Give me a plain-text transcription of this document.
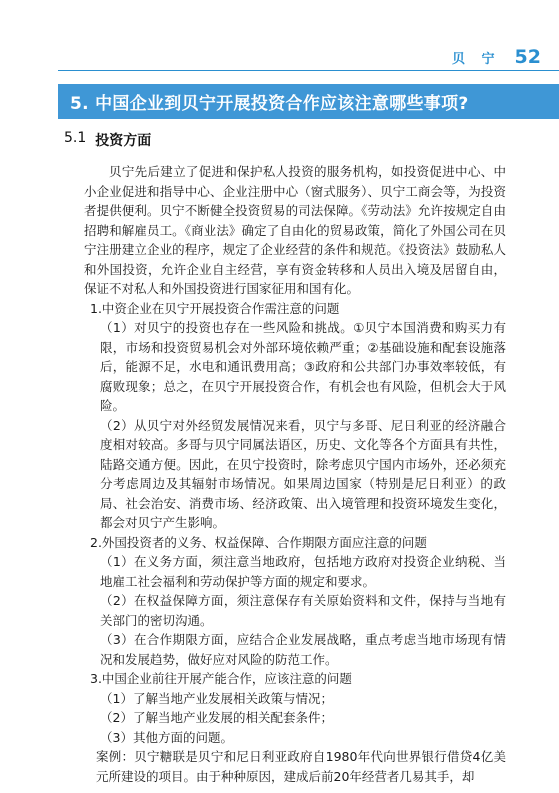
贝 宁 52
5. 中国企业到贝宁开展投资合作应该注意哪些事项?
5.1 投资方面

贝宁先后建立了促进和保护私人投资的服务机构，如投资促进中心、中小企业促进和指导中心、企业注册中心（窗式服务）、贝宁工商会等，为投资者提供便利。贝宁不断健全投资贸易的司法保障。《劳动法》允许按规定自由招聘和解雇员工。《商业法》确定了自由化的贸易政策，简化了外国公司在贝宁注册建立企业的程序，规定了企业经营的条件和规范。《投资法》鼓励私人和外国投资，允许企业自主经营，享有资金转移和人员出入境及居留自由，保证不对私人和外国投资进行国家征用和国有化。

1.中资企业在贝宁开展投资合作需注意的问题

（1）对贝宁的投资也存在一些风险和挑战。①贝宁本国消费和购买力有限，市场和投资贸易机会对外部环境依赖严重；②基础设施和配套设施落后，能源不足，水电和通讯费用高；③政府和公共部门办事效率较低，有腐败现象；总之，在贝宁开展投资合作，有机会也有风险，但机会大于风险。

（2）从贝宁对外经贸发展情况来看，贝宁与多哥、尼日利亚的经济融合度相对较高。多哥与贝宁同属法语区，历史、文化等各个方面具有共性，陆路交通方便。因此，在贝宁投资时，除考虑贝宁国内市场外，还必须充分考虑周边及其辐射市场情况。如果周边国家（特别是尼日利亚）的政局、社会治安、消费市场、经济政策、出入境管理和投资环境发生变化，都会对贝宁产生影响。

2.外国投资者的义务、权益保障、合作期限方面应注意的问题

（1）在义务方面，须注意当地政府，包括地方政府对投资企业纳税、当地雇工社会福利和劳动保护等方面的规定和要求。

（2）在权益保障方面，须注意保存有关原始资料和文件，保持与当地有关部门的密切沟通。

（3）在合作期限方面，应结合企业发展战略，重点考虑当地市场现有情况和发展趋势，做好应对风险的防范工作。

3.中国企业前往开展产能合作，应该注意的问题

（1）了解当地产业发展相关政策与情况；

（2）了解当地产业发展的相关配套条件；

（3）其他方面的问题。

案例：贝宁糖联是贝宁和尼日利亚政府自1980年代向世界银行借贷4亿美元所建设的项目。由于种种原因，建成后前20年经营者几易其手，却
